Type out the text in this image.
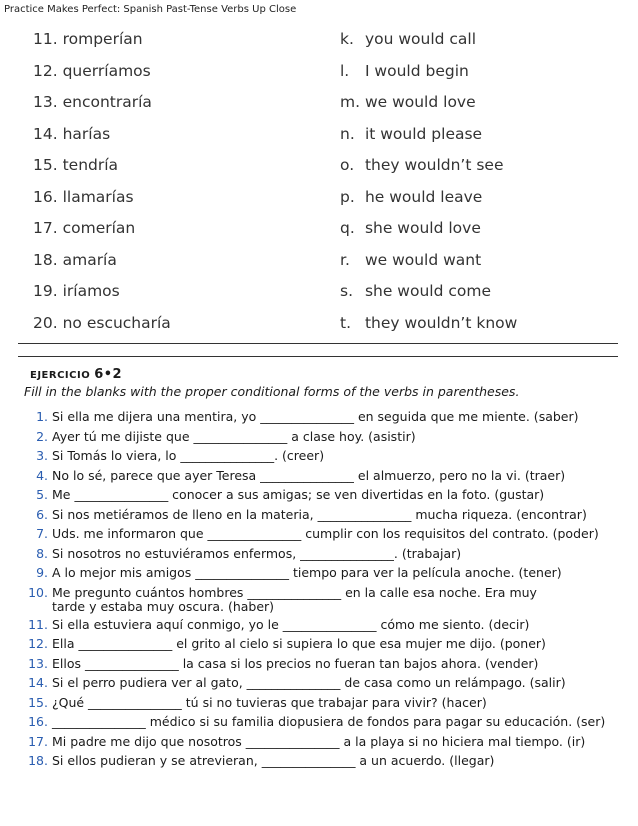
Practice Makes Perfect: Spanish Past-Tense Verbs Up Close
11. romperían	k. you would call
12. querríamos	l. I would begin
13. encontraría	m. we would love
14. harías	n. it would please
15. tendría	o. they wouldn’t see
16. llamarías	p. he would leave
17. comerían	q. she would love
18. amaría	r. we would want
19. iríamos	s. she would come
20. no escucharía	t. they wouldn’t know
EJERCICIO 6•2
Fill in the blanks with the proper conditional forms of the verbs in parentheses.
1. Si ella me dijera una mentira, yo _______________ en seguida que me miente. (saber)
2. Ayer tú me dijiste que _______________ a clase hoy. (asistir)
3. Si Tomás lo viera, lo _______________. (creer)
4. No lo sé, parece que ayer Teresa _______________ el almuerzo, pero no la vi. (traer)
5. Me _______________ conocer a sus amigas; se ven divertidas en la foto. (gustar)
6. Si nos metiéramos de lleno en la materia, _______________ mucha riqueza. (encontrar)
7. Uds. me informaron que _______________ cumplir con los requisitos del contrato. (poder)
8. Si nosotros no estuviéramos enfermos, _______________. (trabajar)
9. A lo mejor mis amigos _______________ tiempo para ver la película anoche. (tener)
10. Me pregunto cuántos hombres _______________ en la calle esa noche. Era muy tarde y estaba muy oscura. (haber)
11. Si ella estuviera aquí conmigo, yo le _______________ cómo me siento. (decir)
12. Ella _______________ el grito al cielo si supiera lo que esa mujer me dijo. (poner)
13. Ellos _______________ la casa si los precios no fueran tan bajos ahora. (vender)
14. Si el perro pudiera ver al gato, _______________ de casa como un relámpago. (salir)
15. ¿Qué _______________ tú si no tuvieras que trabajar para vivir? (hacer)
16. _______________ médico si su familia diopusiera de fondos para pagar su educación. (ser)
17. Mi padre me dijo que nosotros _______________ a la playa si no hiciera mal tiempo. (ir)
18. Si ellos pudieran y se atrevieran, _______________ a un acuerdo. (llegar)
